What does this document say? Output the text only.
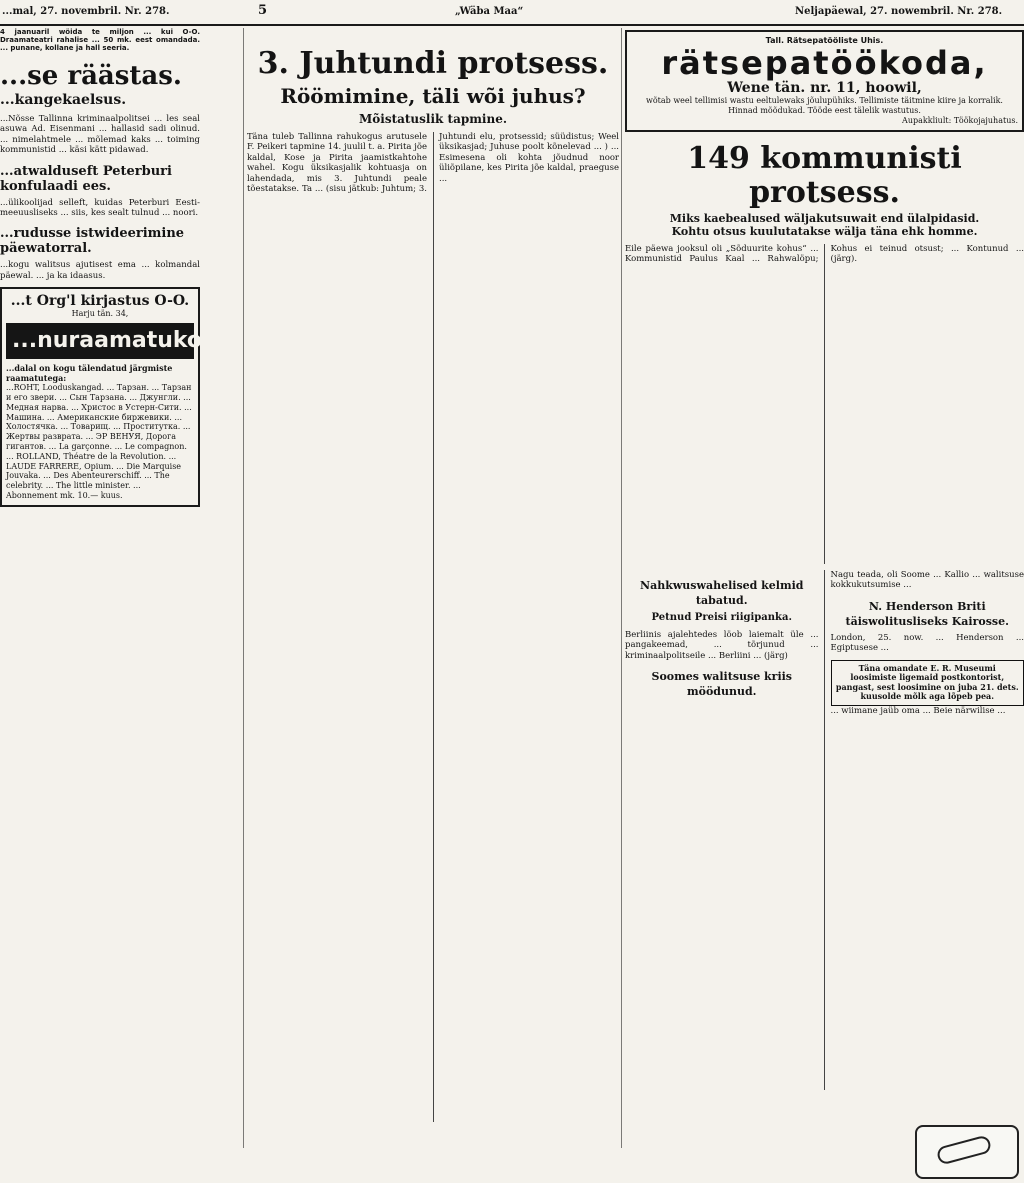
...mal, 27. novembril. Nr. 278.	5	„Wäba Maa“	Neljapäewal, 27. nowembril. Nr. 278.

4 jaanuaril wöida te miljon ... kui O-O. Draamateatri rahalise ... 50 mk. eest omandada. ... punane, kollane ja hall seeria.

...se räästas.
...kangekaelsus.

...Nõsse Tallinna kriminaalpolitsei ... les seal asuwa Ad. Eisenmani ... hallasid sadi olinud. ... nimelahtmele ... mõlemad kaks ... toiming kommunistid ... käsi kätt pidawad.

...atwalduseft Peterburi konfulaadi ees.

...ülikoolijad selleft, kuidas Peterburi Eesti-meeuusliseks ... siis, kes sealt tulnud ... noori.

...rudusse istwideerimine päewatorral.

...kogu walitsus ajutisest ema ... kolmandal päewal. ... ja ka idaasus.

...t Org'l kirjastus O-O.
Harju tän. 34,
...nuraamatukogu
...dalal on kogu tälendatud järgmiste raamatutega:
...ROHT, Looduskangad. ... Тарзан. ... Тарзан и его звери. ... Сын Тарзана. ... Джунгли. ... Медная нарва. ... Христос в Устерн-Сити. ... Машина. ... Американские биржевики. ... Холостячка. ... Товарищ. ... Проститутка. ... Жертвы разврата. ... ЭР ВЕНУЯ, Дорога гигантов. ... La garçonne. ... Le compagnon. ... ROLLAND, Théatre de la Revolution. ... LAUDE FARRERE, Opium. ... Die Marquise Jouvaka. ... Des Abenteurerschiff. ... The celebrity. ... The little minister. ... Abonnement mk. 10.— kuus.
3. Juhtundi protsess.
Röömimine, täli wõi juhus?
Mõistatuslik tapmine.

Täna tuleb Tallinna rahukogus arutusele F. Peikeri tapmine 14. juulil t. a. Pirita jõe kaldal, Kose ja Pirita jaamistkahtohe wahel. Kogu üksikasjalik kohtuasja on lahendada, mis 3. Juhtundi peale tõestatakse. Ta ... (sisu jätkub: Juhtum; 3. Juhtundi elu, protsessid; süüdistus; Weel üksikasjad; Juhuse poolt kõnelevad ... ) ... Esimesena oli kohta jõudnud noor üliõpilane, kes Pirita jõe kaldal, praeguse ...

Tall. Rätsepatöölistе Uhis.
rätsepatöökoda,
Wene tän. nr. 11, hoowil,
wõtab weel tellimisi wastu eeltulewaks jõulupühiks. Tellimiste täitmine kiire ja korralik. Hinnad mõõdukad. Tööde eest tälelik wastutus.
Aupakkliult: Töökojajuhatus.
149 kommunisti protsess.
Miks kaebealused wäljakutsuwait end ülalpidasid.
Kohtu otsus kuulutatakse wälja täna ehk homme.

Eile päewa jooksul oli „Sõduurite kohus“ ... Kommunistid Paulus Kaal ... Rahwalöpu; Kohus ei teinud otsust; ... Kontunud ... (järg).

Nahkwuswahelised kelmid tabatud.
Petnud Preisi riigipanka.

Berliinis ajalehtedes löob laiemalt üle ... pangakeemad, ... tõrjunud ... kriminaalpolitseile ... Berliini ... (järg)

Soomes walitsuse kriis möödunud.

Nagu teada, oli Soome ... Kallio ... walitsuse kokkukutsumise ...

N. Henderson Briti täiswolitusliseks Kairosse.

London, 25. now. ... Henderson ... Egiptusese ...

Täna omandate E. R. Museumi loosimiste ligemaid postkontorist, pangast, sest loosimine on juba 21. dets. kuusolde mõlk aga lõpeb pea.

... wiimane jaüb oma ... Beie närwilise ...
